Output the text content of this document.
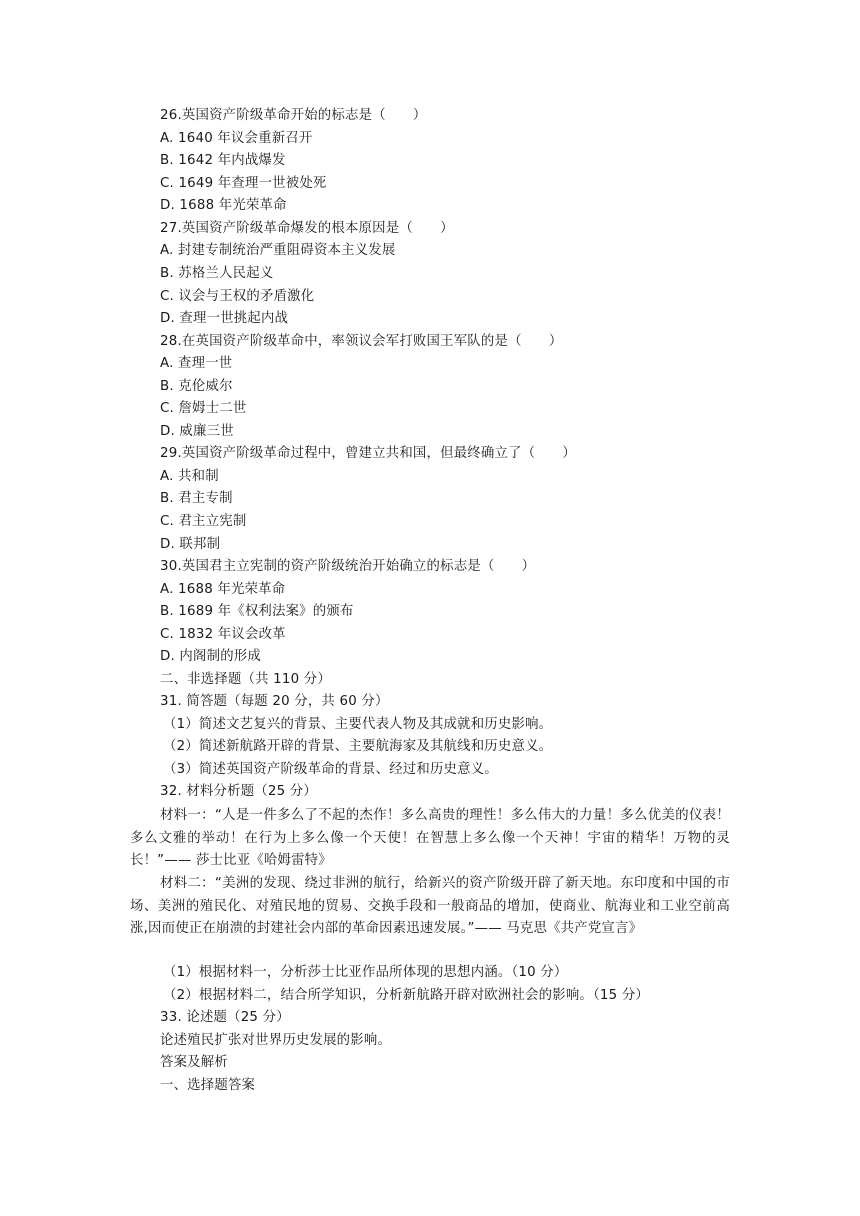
26.英国资产阶级革命开始的标志是（　　）
A. 1640 年议会重新召开
B. 1642 年内战爆发
C. 1649 年查理一世被处死
D. 1688 年光荣革命
27.英国资产阶级革命爆发的根本原因是（　　）
A. 封建专制统治严重阻碍资本主义发展
B. 苏格兰人民起义
C. 议会与王权的矛盾激化
D. 查理一世挑起内战
28.在英国资产阶级革命中，率领议会军打败国王军队的是（　　）
A. 查理一世
B. 克伦威尔
C. 詹姆士二世
D. 威廉三世
29.英国资产阶级革命过程中，曾建立共和国，但最终确立了（　　）
A. 共和制
B. 君主专制
C. 君主立宪制
D. 联邦制
30.英国君主立宪制的资产阶级统治开始确立的标志是（　　）
A. 1688 年光荣革命
B. 1689 年《权利法案》的颁布
C. 1832 年议会改革
D. 内阁制的形成
二、非选择题（共 110 分）
31. 简答题（每题 20 分，共 60 分）
（1）简述文艺复兴的背景、主要代表人物及其成就和历史影响。
（2）简述新航路开辟的背景、主要航海家及其航线和历史意义。
（3）简述英国资产阶级革命的背景、经过和历史意义。
32. 材料分析题（25 分）

材料一：“人是一件多么了不起的杰作！多么高贵的理性！多么伟大的力量！多么优美的仪表！多么文雅的举动！在行为上多么像一个天使！在智慧上多么像一个天神！宇宙的精华！万物的灵长！”—— 莎士比亚《哈姆雷特》

材料二：“美洲的发现、绕过非洲的航行，给新兴的资产阶级开辟了新天地。东印度和中国的市场、美洲的殖民化、对殖民地的贸易、交换手段和一般商品的增加，使商业、航海业和工业空前高涨,因而使正在崩溃的封建社会内部的革命因素迅速发展。”—— 马克思《共产党宣言》

（1）根据材料一，分析莎士比亚作品所体现的思想内涵。（10 分）
（2）根据材料二，结合所学知识，分析新航路开辟对欧洲社会的影响。（15 分）
33. 论述题（25 分）
论述殖民扩张对世界历史发展的影响。
答案及解析
一、选择题答案
